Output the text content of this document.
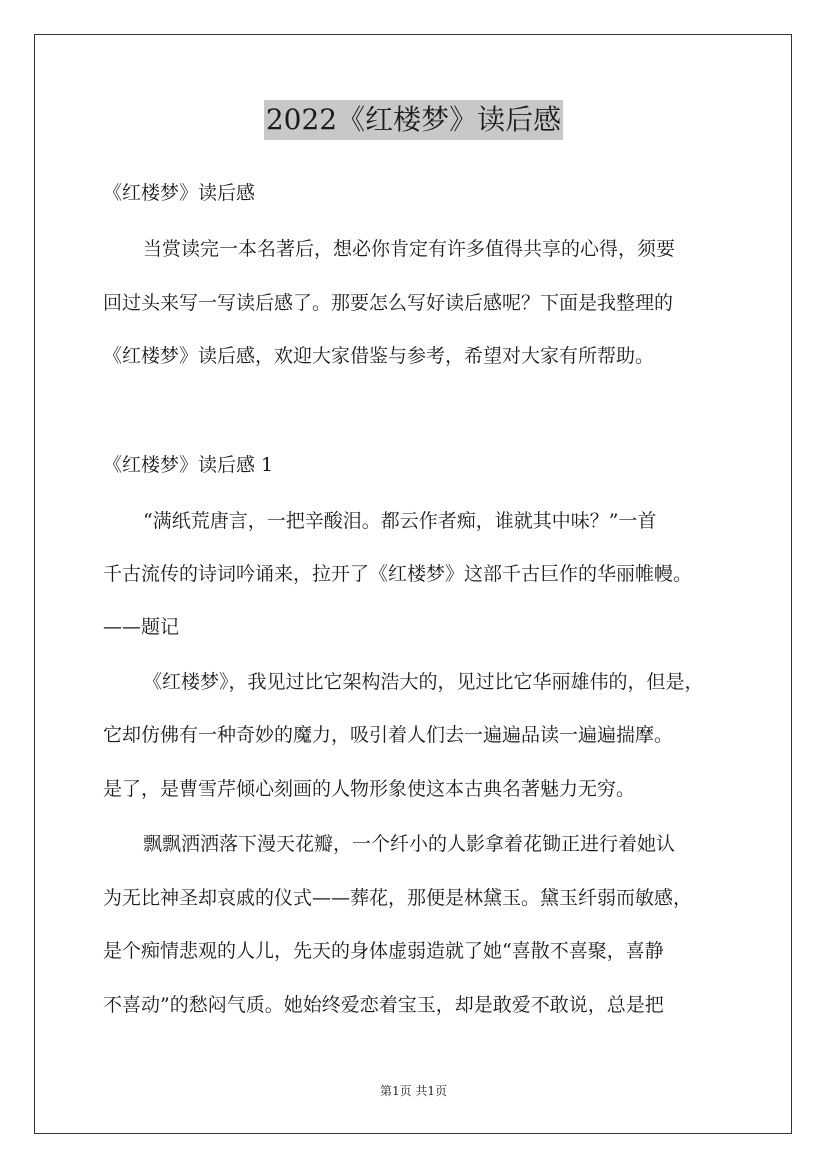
2022《红楼梦》读后感
《红楼梦》读后感
当赏读完一本名著后，想必你肯定有许多值得共享的心得，须要
回过头来写一写读后感了。那要怎么写好读后感呢？下面是我整理的
《红楼梦》读后感，欢迎大家借鉴与参考，希望对大家有所帮助。
《红楼梦》读后感 1
“满纸荒唐言，一把辛酸泪。都云作者痴，谁就其中味？”一首
千古流传的诗词吟诵来，拉开了《红楼梦》这部千古巨作的华丽帷幔。
——题记
《红楼梦》，我见过比它架构浩大的，见过比它华丽雄伟的，但是，
它却仿佛有一种奇妙的魔力，吸引着人们去一遍遍品读一遍遍揣摩。
是了，是曹雪芹倾心刻画的人物形象使这本古典名著魅力无穷。
飘飘洒洒落下漫天花瓣，一个纤小的人影拿着花锄正进行着她认
为无比神圣却哀戚的仪式——葬花，那便是林黛玉。黛玉纤弱而敏感，
是个痴情悲观的人儿，先天的身体虚弱造就了她“喜散不喜聚，喜静
不喜动”的愁闷气质。她始终爱恋着宝玉，却是敢爱不敢说，总是把
第1页 共1页
